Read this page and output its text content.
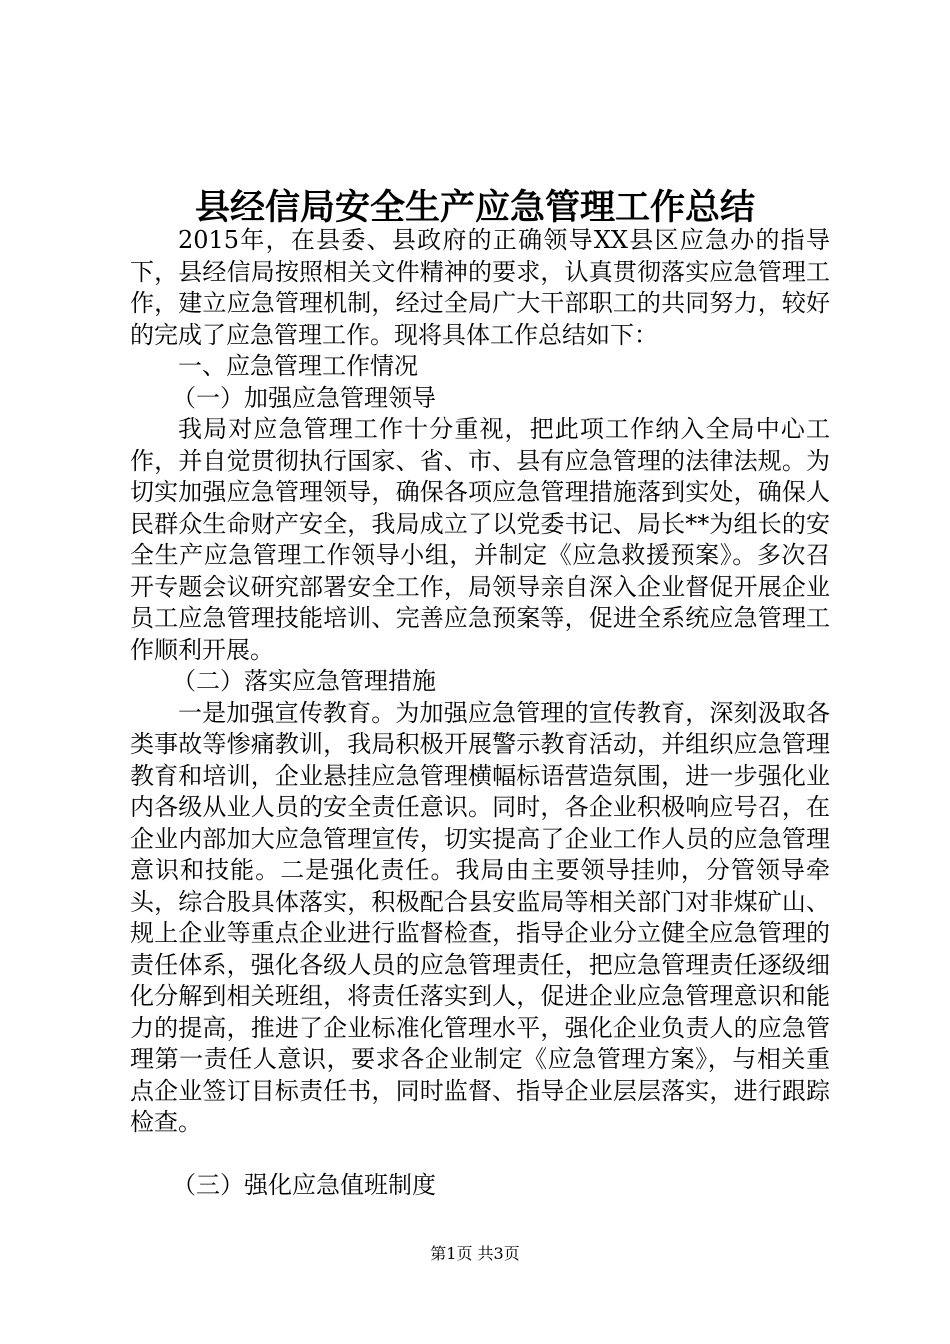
县经信局安全生产应急管理工作总结

2015年，在县委、县政府的正确领导XX县区应急办的指导下，县经信局按照相关文件精神的要求，认真贯彻落实应急管理工作，建立应急管理机制，经过全局广大干部职工的共同努力，较好的完成了应急管理工作。现将具体工作总结如下：

一、应急管理工作情况

（一）加强应急管理领导

我局对应急管理工作十分重视，把此项工作纳入全局中心工作，并自觉贯彻执行国家、省、市、县有应急管理的法律法规。为切实加强应急管理领导，确保各项应急管理措施落到实处，确保人民群众生命财产安全，我局成立了以党委书记、局长**为组长的安全生产应急管理工作领导小组，并制定《应急救援预案》。多次召开专题会议研究部署安全工作，局领导亲自深入企业督促开展企业员工应急管理技能培训、完善应急预案等，促进全系统应急管理工作顺利开展。

（二）落实应急管理措施

一是加强宣传教育。为加强应急管理的宣传教育，深刻汲取各类事故等惨痛教训，我局积极开展警示教育活动，并组织应急管理教育和培训，企业悬挂应急管理横幅标语营造氛围，进一步强化业内各级从业人员的安全责任意识。同时，各企业积极响应号召，在企业内部加大应急管理宣传，切实提高了企业工作人员的应急管理意识和技能。二是强化责任。我局由主要领导挂帅，分管领导牵头，综合股具体落实，积极配合县安监局等相关部门对非煤矿山、规上企业等重点企业进行监督检查，指导企业分立健全应急管理的责任体系，强化各级人员的应急管理责任，把应急管理责任逐级细化分解到相关班组，将责任落实到人，促进企业应急管理意识和能力的提高，推进了企业标准化管理水平，强化企业负责人的应急管理第一责任人意识，要求各企业制定《应急管理方案》，与相关重点企业签订目标责任书，同时监督、指导企业层层落实，进行跟踪检查。

（三）强化应急值班制度

第1页 共3页
